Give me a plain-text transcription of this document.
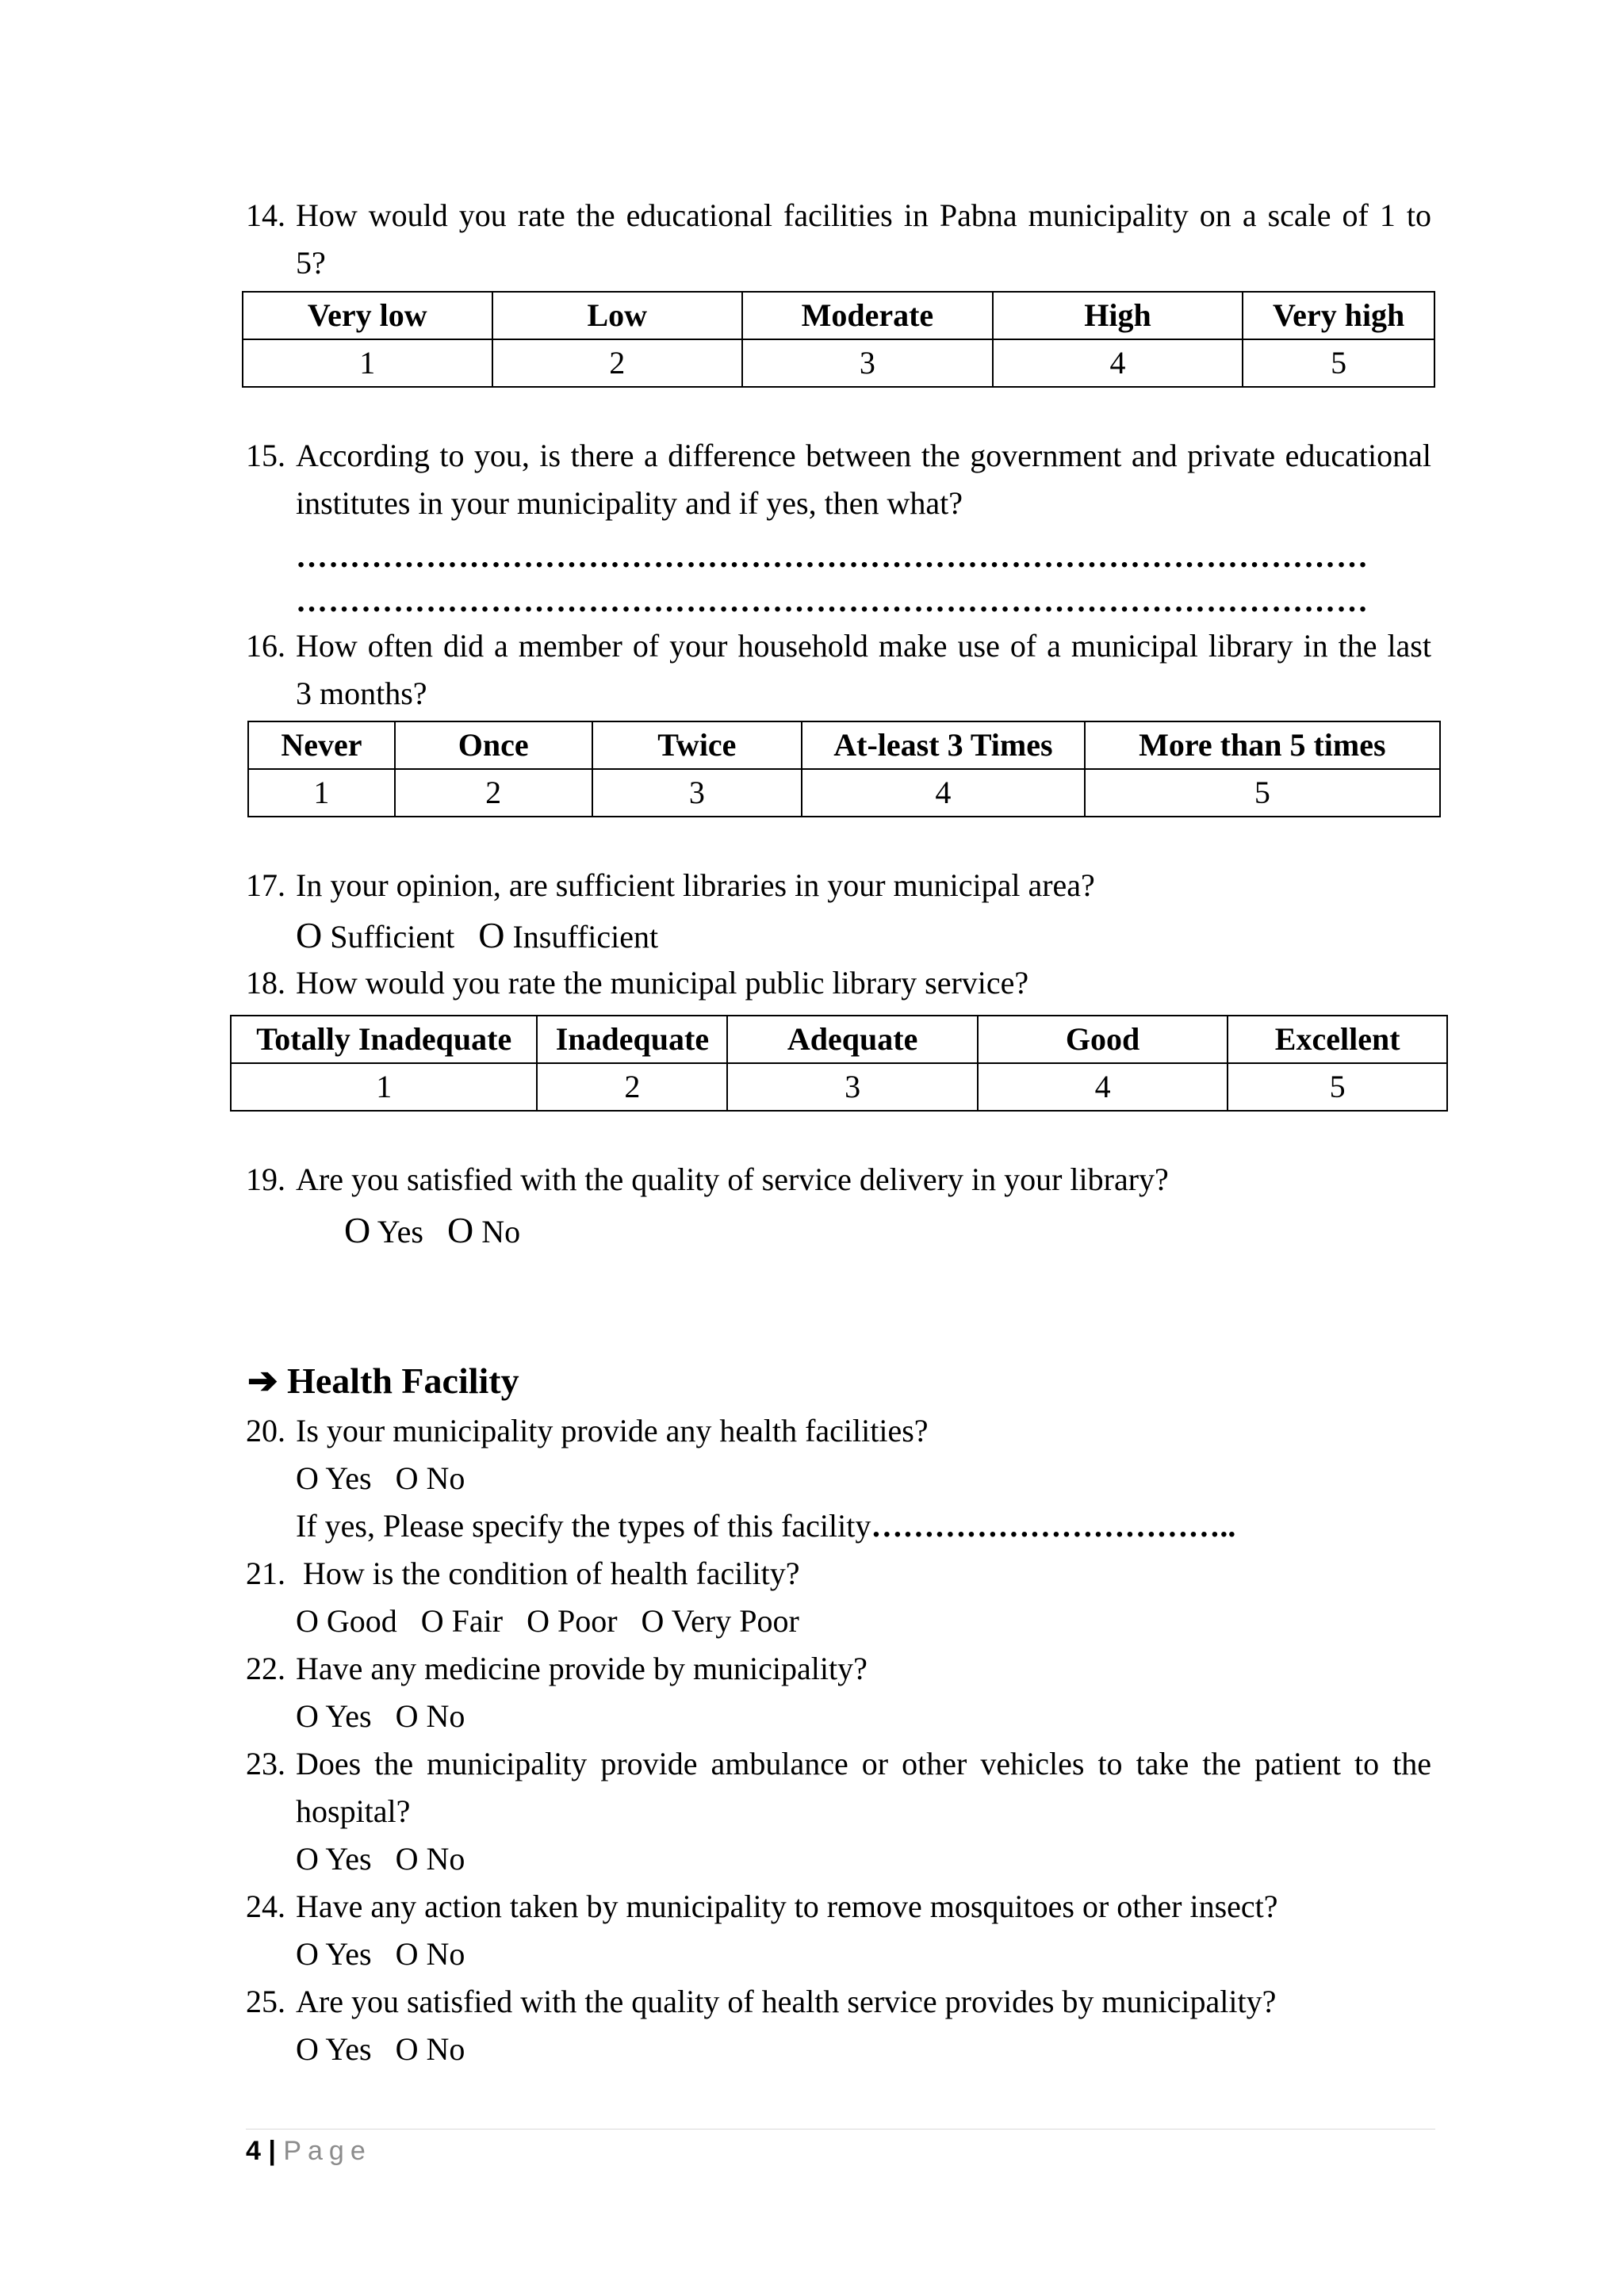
14. How would you rate the educational facilities in Pabna municipality on a scale of 1 to
5?
Very low	Low	Moderate	High	Very high
1	2	3	4	5
15. According to you, is there a difference between the government and private educational
institutes in your municipality and if yes, then what?
………………………………………………………………………………………
………………………………………………………………………………………
16. How often did a member of your household make use of a municipal library in the last
3 months?
Never	Once	Twice	At-least 3 Times	More than 5 times
1	2	3	4	5
17. In your opinion, are sufficient libraries in your municipal area?
O Sufficient O Insufficient
18. How would you rate the municipal public library service?
Totally Inadequate	Inadequate	Adequate	Good	Excellent
1	2	3	4	5
19. Are you satisfied with the quality of service delivery in your library?
O Yes O No
➔ Health Facility
20. Is your municipality provide any health facilities?
O Yes   O No
If yes, Please specify the types of this facility……………………………..
21. How is the condition of health facility?
O Good   O Fair   O Poor   O Very Poor
22. Have any medicine provide by municipality?
O Yes   O No
23. Does the municipality provide ambulance or other vehicles to take the patient to the
hospital?
O Yes   O No
24. Have any action taken by municipality to remove mosquitoes or other insect?
O Yes   O No
25. Are you satisfied with the quality of health service provides by municipality?
O Yes   O No
4 | Page
